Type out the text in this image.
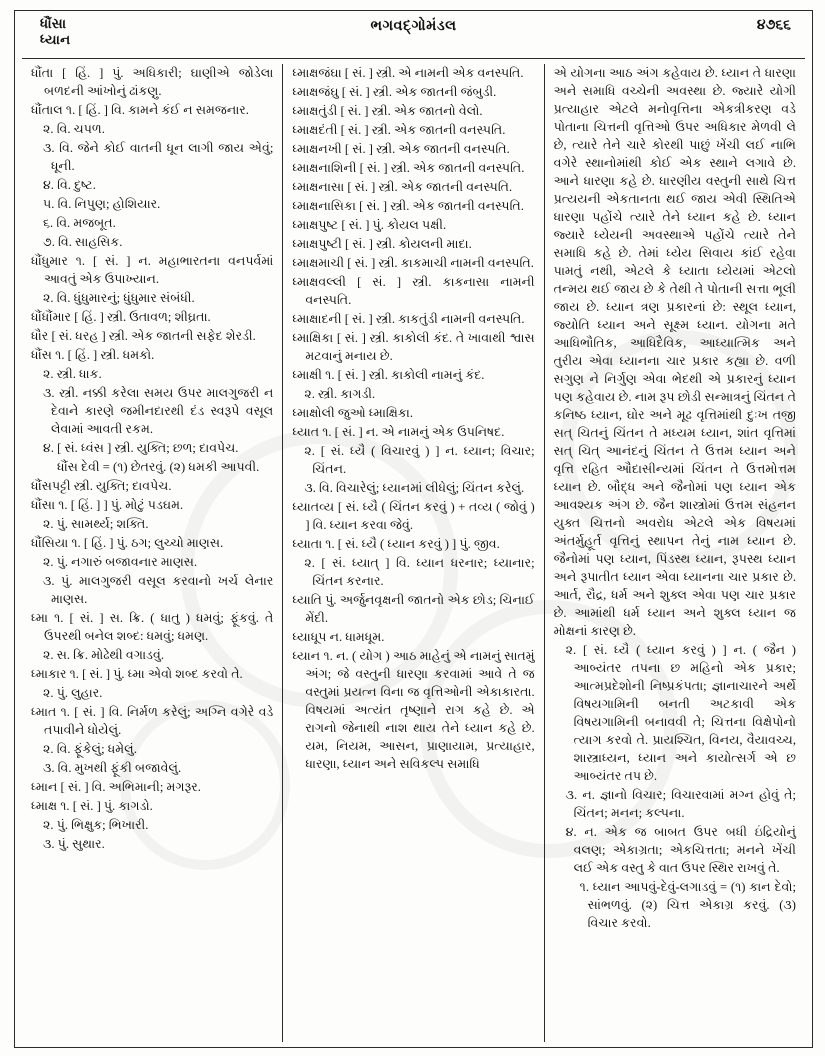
ધૌંસા
ધ્યાન
ભગવદ્ગોમંડલ	૪૭૬૬

ધૌંતા [ હિં. ] પું. અધિકારી; ઘાણીએ જોડેલા બળદની આંખોનું ઢાંકણુ.

ધૌંતાલ ૧. [ હિં. ] વિ. કામને કંઈ ન સમજનાર.

૨. વિ. ચપળ.

૩. વિ. જેને કોઈ વાતની ધૂન લાગી જાય એવું; ધૂની.

૪. વિ. દુષ્ટ.

૫. વિ. નિપુણ; હોશિયાર.

૬. વિ. મજબૂત.

૭. વિ. સાહસિક.

ધૌંધુમાર ૧. [ સં. ] ન. મહાભારતના વનપર્વમાં આવતું એક ઉપાખ્યાન.

૨. વિ. ધુંધુમારનું; ધુંધુમાર સંબંધી.

ધૌંધૌંમાર [ હિં. ] સ્ત્રી. ઉતાવળ; શીઘ્રતા.

ધૌર [ સં. ધરહ ] સ્ત્રી. એક જાતની સફેદ શેરડી.

ધૌંસ ૧. [ હિં. ] સ્ત્રી. ધમકો.

૨. સ્ત્રી. ધાક.

૩. સ્ત્રી. નક્કી કરેલા સમય ઉપર માલગુજરી ન દેવાને કારણે જમીનદારથી દંડ સ્વરૂપે વસૂલ લેવામાં આવતી રકમ.

૪. [ સં. ધ્વંસ ] સ્ત્રી. યુક્તિ; છળ; દાવપેચ.

ધૌંસ દેવી = (૧) છેતરવું. (૨) ધમકી આપવી.

ધૌંસપટ્ટી સ્ત્રી. યુક્તિ; દાવપેચ.

ધૌંસા ૧. [ હિં. ] ] પું. મોટું પડઘમ.

૨. પું. સામર્થ્ય; શક્તિ.

ધૌંસિયા ૧. [ હિં. ] પું. ઠગ; લુચ્ચો માણસ.

૨. પું. નગારું બજાવનાર માણસ.

૩. પું. માલગુજરી વસૂલ કરવાનો ખર્ચ લેનાર માણસ.

ધ્મા ૧. [ સં. ] સ. ક્રિ. ( ધાતુ ) ધમવું; ફૂંકવું. તે ઉપરથી બનેલ શબ્દ: ધમવું; ધમણ.

૨. સ. ક્રિ. મોઢેથી વગાડવું.

ધ્માકાર ૧. [ સં. ] પું. ધ્મા એવો શબ્દ કરવો તે.

૨. પું. લુહાર.

ધ્માત ૧. [ સં. ] વિ. નિર્મળ કરેલું; અગ્નિ વગેરે વડે તપાવીને ધોયેલું.

૨. વિ. ફૂંકેલું; ધમેલું.

૩. વિ. મુખથી ફૂંકી બજાવેલું.

ધ્માન [ સં. ] વિ. અભિમાની; મગરૂર.

ધ્માક્ષ ૧. [ સં. ] પું. કાગડો.

૨. પું. ભિક્ષુક; ભિખારી.

૩. પું. સુથાર.

ધ્માક્ષજંઘા [ સં. ] સ્ત્રી. એ નામની એક વનસ્પતિ.

ધ્માક્ષજંઘુ [ સં. ] સ્ત્રી. એક જાતની જંબુડી.

ધ્માક્ષતુંડી [ સં. ] સ્ત્રી. એક જાતનો વેલો.

ધ્માક્ષદંતી [ સં. ] સ્ત્રી. એક જાતની વનસ્પતિ.

ધ્માક્ષનખી [ સં. ] સ્ત્રી. એક જાતની વનસ્પતિ.

ધ્માક્ષનાશિની [ સં. ] સ્ત્રી. એક જાતની વનસ્પતિ.

ધ્માક્ષનાસા [ સં. ] સ્ત્રી. એક જાતની વનસ્પતિ.

ધ્માક્ષનાસિકા [ સં. ] સ્ત્રી. એક જાતની વનસ્પતિ.

ધ્માક્ષપુષ્ટ [ સં. ] પું. કોયલ પક્ષી.

ધ્માક્ષપુષ્ટી [ સં. ] સ્ત્રી. કોયલની માદા.

ધ્માક્ષમાચી [ સં. ] સ્ત્રી. કાકમાચી નામની વનસ્પતિ.

ધ્માક્ષવલ્લી [ સં. ] સ્ત્રી. કાકનાસા નામની વનસ્પતિ.

ધ્માક્ષાદની [ સં. ] સ્ત્રી. કાકતુંડી નામની વનસ્પતિ.

ધ્માક્ષિકા [ સં. ] સ્ત્રી. કાકોલી કંદ. તે ખાવાથી શ્વાસ મટવાનું મનાય છે.

ધ્માક્ષી ૧. [ સં. ] સ્ત્રી. કાકોલી નામનું કંદ.

૨. સ્ત્રી. કાગડી.

ધ્માક્ષોલી જુઓ ધ્માક્ષિકા.

ધ્યાત ૧. [ સં. ] ન. એ નામનું એક ઉપનિષદ.

૨. [ સં. ધ્યૈ ( વિચારવું ) ] ન. ધ્યાન; વિચાર; ચિંતન.

૩. વિ. વિચારેલું; ધ્યાનમાં લીધેલું; ચિંતન કરેલું.

ધ્યાતવ્ય [ સં. ધ્યૈ ( ચિંતન કરવું ) + તવ્ય ( જોવું ) ] વિ. ધ્યાન કરવા જેવું.

ધ્યાતા ૧. [ સં. ધ્યૈ ( ધ્યાન કરવું ) ] પું. જીવ.

૨. [ સં. ધ્યાત્ ] વિ. ધ્યાન ધરનાર; ધ્યાનાર; ચિંતન કરનાર.

ધ્યાતિ પું. અર્જુનવૃક્ષની જાતનો એક છોડ; ચિનાઈ મેંદી.

ધ્યાધૂપ ન. ધામધૂમ.

ધ્યાન ૧. ન. ( યોગ ) આઠ માહેનું એ નામનું સાતમું અંગ; જે વસ્તુની ધારણા કરવામાં આવે તે જ વસ્તુમાં પ્રયત્ન વિના જ વૃત્તિઓની એકાકારતા. વિષયમાં અત્યંત તૃષ્ણાને રાગ કહે છે. એ રાગનો જેનાથી નાશ થાય તેને ધ્યાન કહે છે. યમ, નિયમ, આસન, પ્રાણાયામ, પ્રત્યાહાર, ધારણા, ધ્યાન અને સવિકલ્પ સમાધિ

એ યોગના આઠ અંગ કહેવાય છે. ધ્યાન તે ધારણા અને સમાધિ વચ્ચેની અવસ્થા છે. જ્યારે યોગી પ્રત્યાહાર એટલે મનોવૃત્તિના એકત્રીકરણ વડે પોતાના ચિત્તની વૃત્તિઓ ઉપર અધિકાર મેળવી લે છે, ત્યારે તેને ચારે કોરથી પાછું ખેંચી લઈ નાભિ વગેરે સ્થાનોમાંથી કોઈ એક સ્થાને લગાવે છે. આને ધારણા કહે છે. ધારણીય વસ્તુની સાથે ચિત્ત પ્રત્યયની એકતાનતા થઈ જાય એવી સ્થિતિએ ધારણા પહોંચે ત્યારે તેને ધ્યાન કહે છે. ધ્યાન જ્યારે ધ્યેયની અવસ્થાએ પહોંચે ત્યારે તેને સમાધિ કહે છે. તેમાં ધ્યેય સિવાય કાંઈ રહેવા પામતું નથી, એટલે કે ધ્યાતા ધ્યેયમાં એટલો તન્મય થઈ જાય છે કે તેથી તે પોતાની સત્તા ભૂલી જાય છે. ધ્યાન ત્રણ પ્રકારનાં છે: સ્થૂલ ધ્યાન, જ્યોતિ ધ્યાન અને સૂક્ષ્મ ધ્યાન. યોગના મતે આધિભૌતિક, આધિદૈવિક, આધ્યાત્મિક અને તુરીય એવા ધ્યાનના ચાર પ્રકાર કહ્યા છે. વળી સગુણ ને નિર્ગુણ એવા ભેદથી એ પ્રકારનું ધ્યાન પણ કહેવાય છે. નામ રૂપ છોડી સન્માત્રનું ચિંતન તે કનિષ્ઠ ધ્યાન, ઘોર અને મૂઢ વૃત્તિમાંથી દુઃખ તજી સત્ ચિતનું ચિંતન તે મધ્યમ ધ્યાન, શાંત વૃત્તિમાં સત્ ચિત્ આનંદનું ચિંતન તે ઉત્તમ ધ્યાન અને વૃત્તિ રહિત ઔદાસીન્યમાં ચિંતન તે ઉત્તમોત્તમ ધ્યાન છે. બૌદ્ધ અને જૈનોમાં પણ ધ્યાન એક આવશ્યક અંગ છે. જૈન શાસ્ત્રોમાં ઉત્તમ સંહનન યુક્ત ચિત્તનો અવરોધ એટલે એક વિષયમાં અંતર્મુહૂર્ત વૃત્તિનું સ્થાપન તેનું નામ ધ્યાન છે. જૈનોમાં પણ ધ્યાન, પિંડસ્થ ધ્યાન, રૂપસ્થ ધ્યાન અને રૂપાતીત ધ્યાન એવા ધ્યાનના ચાર પ્રકાર છે. આર્ત, રૌદ્ર, ધર્મ અને શુક્લ એવા પણ ચાર પ્રકાર છે. આમાંથી ધર્મ ધ્યાન અને શુક્લ ધ્યાન જ મોક્ષનાં કારણ છે.

૨. [ સં. ધ્યૈ ( ધ્યાન કરવું ) ] ન. ( જૈન ) આબ્યંતર તપના છ મહિનો એક પ્રકાર; આત્મપ્રદેશોની નિષ્પ્રકંપતા; જ્ઞાનાચારને અર્થે વિષયગામિની બનતી અટકાવી એક વિષયગામિની બનાવવી તે; ચિત્તના વિક્ષેપોનો ત્યાગ કરવો તે. પ્રાયશ્ચિત, વિનય, વૈયાવચ્ચ, શાસ્ત્રાધ્યન, ધ્યાન અને કાયોત્સર્ગ એ છ આબ્યંતર તપ છે.

૩. ન. જ્ઞાનો વિચાર; વિચારવામાં મગ્ન હોવું તે; ચિંતન; મનન; કલ્પના.

૪. ન. એક જ બાબત ઉપર બધી ઇંદ્રિયોનું વલણ; એકાગ્રતા; એકચિત્તતા; મનને ખેંચી લઈ એક વસ્તુ કે વાત ઉપર સ્થિર રાખવું તે.

૧. ધ્યાન આપવું-દેવું-લગાડવું = (૧) કાન દેવો; સાંભળવું. (૨) ચિત્ત એકાગ્ર કરવું. (૩) વિચાર કરવો.
